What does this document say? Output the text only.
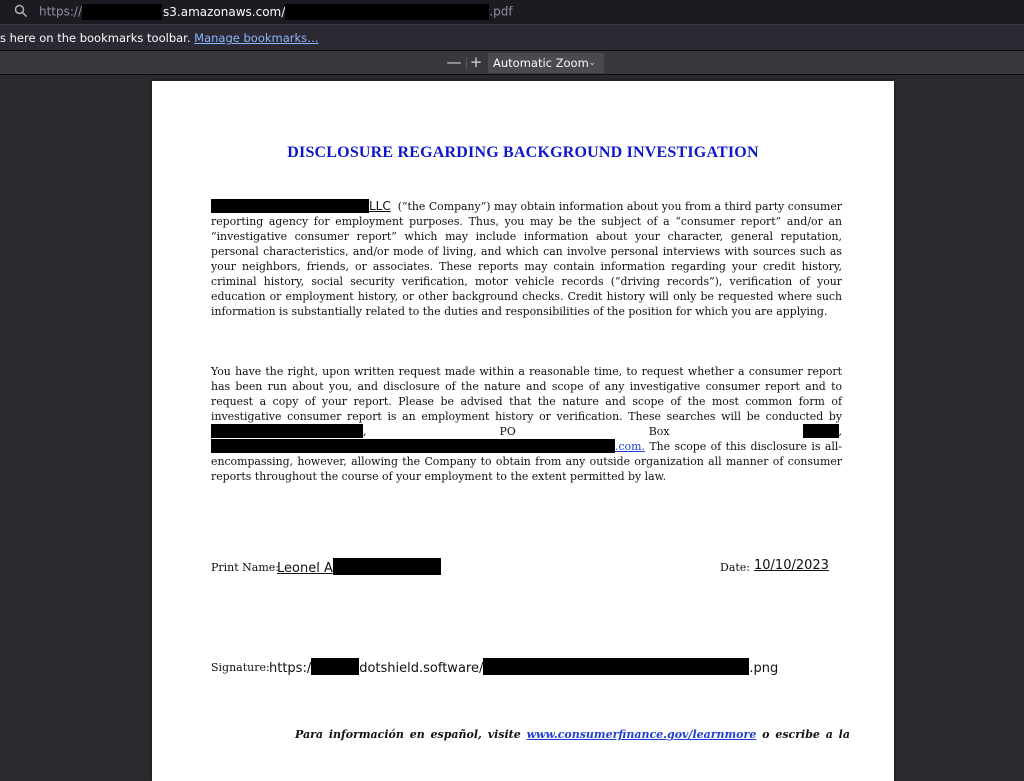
https://	s3.amazonaws.com/	.pdf
s here on the bookmarks toolbar. Manage bookmarks…
— + Automatic Zoom ⌄
DISCLOSURE REGARDING BACKGROUND INVESTIGATION
LLC (“the Company”) may obtain information about you from a third party consumer reporting agency for employment purposes. Thus, you may be the subject of a “consumer report” and/or an “investigative consumer report” which may include information about your character, general reputation, personal characteristics, and/or mode of living, and which can involve personal interviews with sources such as your neighbors, friends, or associates. These reports may contain information regarding your credit history, criminal history, social security verification, motor vehicle records (“driving records”), verification of your education or employment history, or other background checks. Credit history will only be requested where such information is substantially related to the duties and responsibilities of the position for which you are applying.
You have the right, upon written request made within a reasonable time, to request whether a consumer report has been run about you, and disclosure of the nature and scope of any investigative consumer report and to request a copy of your report. Please be advised that the nature and scope of the most common form of investigative consumer report is an employment history or verification. These searches will be conducted by , PO Box	, .com. The scope of this disclosure is all-encompassing, however, allowing the Company to obtain from any outside organization all manner of consumer reports throughout the course of your employment to the extent permitted by law.
Print Name:
Leonel A	Date: 10/10/2023
Signature: https:/	dotshield.software/	.png
Para información en español, visite www.consumerfinance.gov/learnmore o escribe a la
